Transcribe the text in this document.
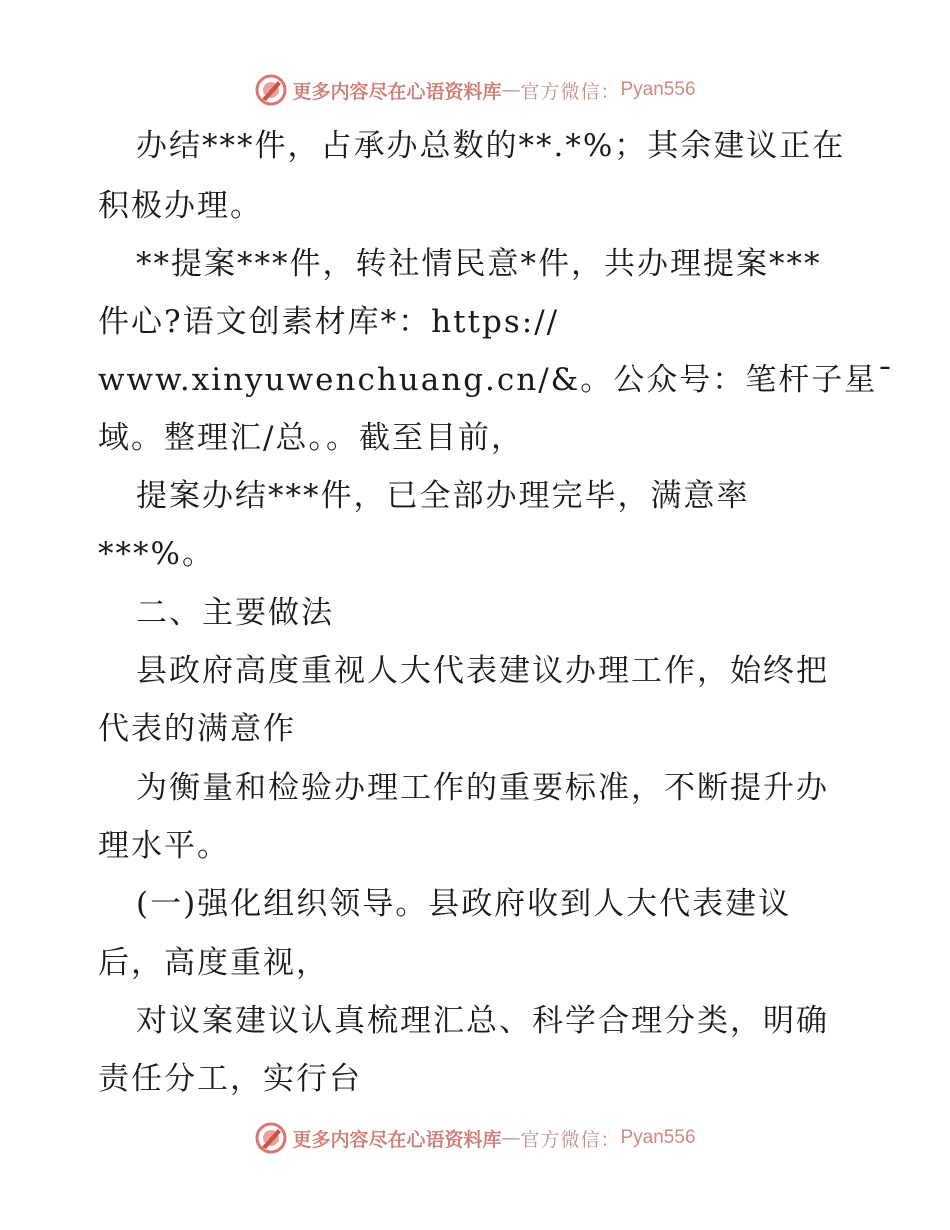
更多内容尽在心语资料库 — 官方微信： Pyan556
办结***件，占承办总数的**.*%；其余建议正在
积极办理。
**提案***件，转社情民意*件，共办理提案***
件心?语文创素材库*：https://
www.xinyuwenchuang.cn/&。公众号：笔杆子星¯
域。整理汇/总。。截至目前，
提案办结***件，已全部办理完毕，满意率
***%。
二、主要做法
县政府高度重视人大代表建议办理工作，始终把
代表的满意作
为衡量和检验办理工作的重要标准，不断提升办
理水平。
(一)强化组织领导。县政府收到人大代表建议
后，高度重视，
对议案建议认真梳理汇总、科学合理分类，明确
责任分工，实行台
更多内容尽在心语资料库 — 官方微信： Pyan556
